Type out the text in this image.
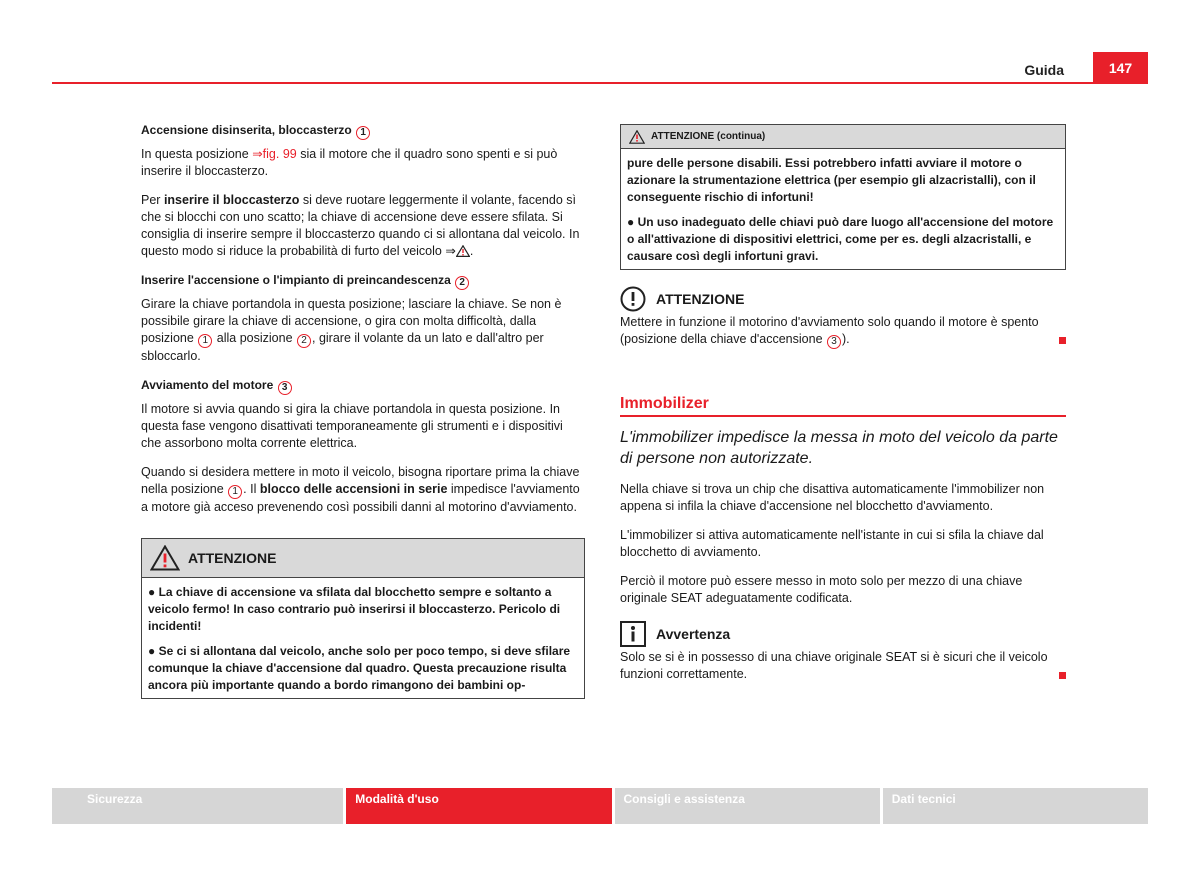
Guida	147
Accensione disinserita, bloccasterzo 1

In questa posizione ⇒fig. 99 sia il motore che il quadro sono spenti e si può inserire il bloccasterzo.

Per inserire il bloccasterzo si deve ruotare leggermente il volante, facendo sì che si blocchi con uno scatto; la chiave di accensione deve essere sfilata. Si consiglia di inserire sempre il bloccasterzo quando ci si allontana dal veicolo. In questo modo si riduce la probabilità di furto del veicolo ⇒ .

Inserire l'accensione o l'impianto di preincandescenza 2

Girare la chiave portandola in questa posizione; lasciare la chiave. Se non è possibile girare la chiave di accensione, o gira con molta difficoltà, dalla posizione 1 alla posizione 2 , girare il volante da un lato e dall'altro per sbloccarlo.

Avviamento del motore 3

Il motore si avvia quando si gira la chiave portandola in questa posizione. In questa fase vengono disattivati temporaneamente gli strumenti e i dispositivi che assorbono molta corrente elettrica.

Quando si desidera mettere in moto il veicolo, bisogna riportare prima la chiave nella posizione 1 . Il blocco delle accensioni in serie impedisce l'avviamento a motore già acceso prevenendo così possibili danni al motorino d'avviamento.

ATTENZIONE

● La chiave di accensione va sfilata dal blocchetto sempre e soltanto a veicolo fermo! In caso contrario può inserirsi il bloccasterzo. Pericolo di incidenti!

● Se ci si allontana dal veicolo, anche solo per poco tempo, si deve sfilare comunque la chiave d'accensione dal quadro. Questa precauzione risulta ancora più importante quando a bordo rimangono dei bambini op-

ATTENZIONE (continua)

pure delle persone disabili. Essi potrebbero infatti avviare il motore o azionare la strumentazione elettrica (per esempio gli alzacristalli), con il conseguente rischio di infortuni!

● Un uso inadeguato delle chiavi può dare luogo all'accensione del motore o all'attivazione di dispositivi elettrici, come per es. degli alzacristalli, e causare così degli infortuni gravi.

ATTENZIONE

Mettere in funzione il motorino d'avviamento solo quando il motore è spento (posizione della chiave d'accensione 3 ).

Immobilizer

L'immobilizer impedisce la messa in moto del veicolo da parte di persone non autorizzate.

Nella chiave si trova un chip che disattiva automaticamente l'immobilizer non appena si infila la chiave d'accensione nel blocchetto d'avviamento.

L'immobilizer si attiva automaticamente nell'istante in cui si sfila la chiave dal blocchetto di avviamento.

Perciò il motore può essere messo in moto solo per mezzo di una chiave originale SEAT adeguatamente codificata.

Avvertenza

Solo se si è in possesso di una chiave originale SEAT si è sicuri che il veicolo funzioni correttamente.

Sicurezza	Modalità d'uso	Consigli e assistenza	Dati tecnici
